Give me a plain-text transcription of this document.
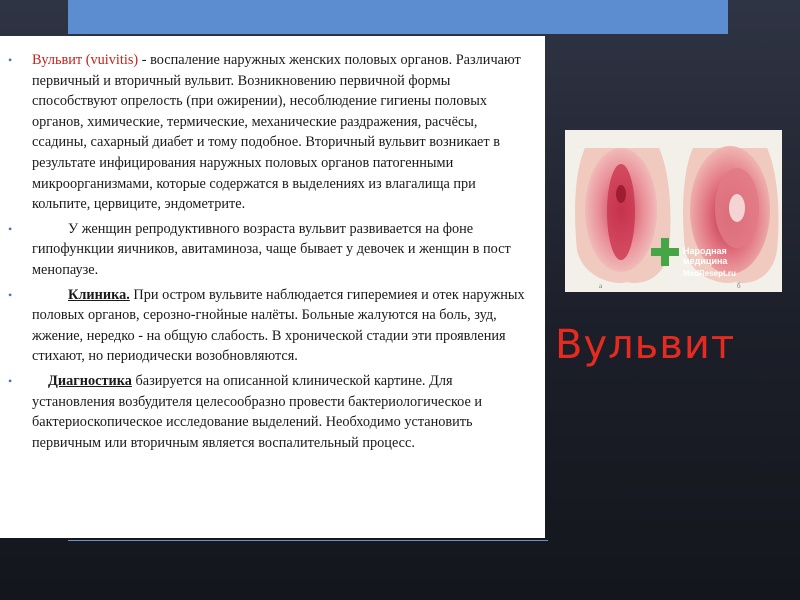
•	Вульвит (vuivitis) - воспаление наружных женских половых органов. Различают первичный и вторичный вульвит. Возникновению первичной формы способствуют опрелость (при ожирении), несоблюдение гигиены половых органов, химические, термические, механические раздражения, расчёсы, ссадины, сахарный диабет и тому подобное. Вторичный вульвит возникает в результате инфицирования наружных половых органов патогенными микроорганизмами, которые содержатся в выделениях из влагалища при кольпите, цервиците, эндометрите.
•	У женщин репродуктивного возраста вульвит развивается на фоне гипофункции яичников, авитаминоза, чаще бывает у девочек и женщин в пост менопаузе.
•	Клиника. При остром вульвите наблюдается гиперемиея и отек наружных половых органов, серозно-гнойные налёты. Больные жалуются на боль, зуд, жжение, нередко - на общую слабость. В хронической стадии эти проявления стихают, но периодически возобновляются.
•	Диагностика базируется на описанной клинической картине. Для установления возбудителя целесообразно провести бактериологическое и бактериоскопическое исследование выделений. Необходимо установить первичным или вторичным является воспалительный процесс.
Народная
медицина
MedResept.ru
а	б
Вульвит
